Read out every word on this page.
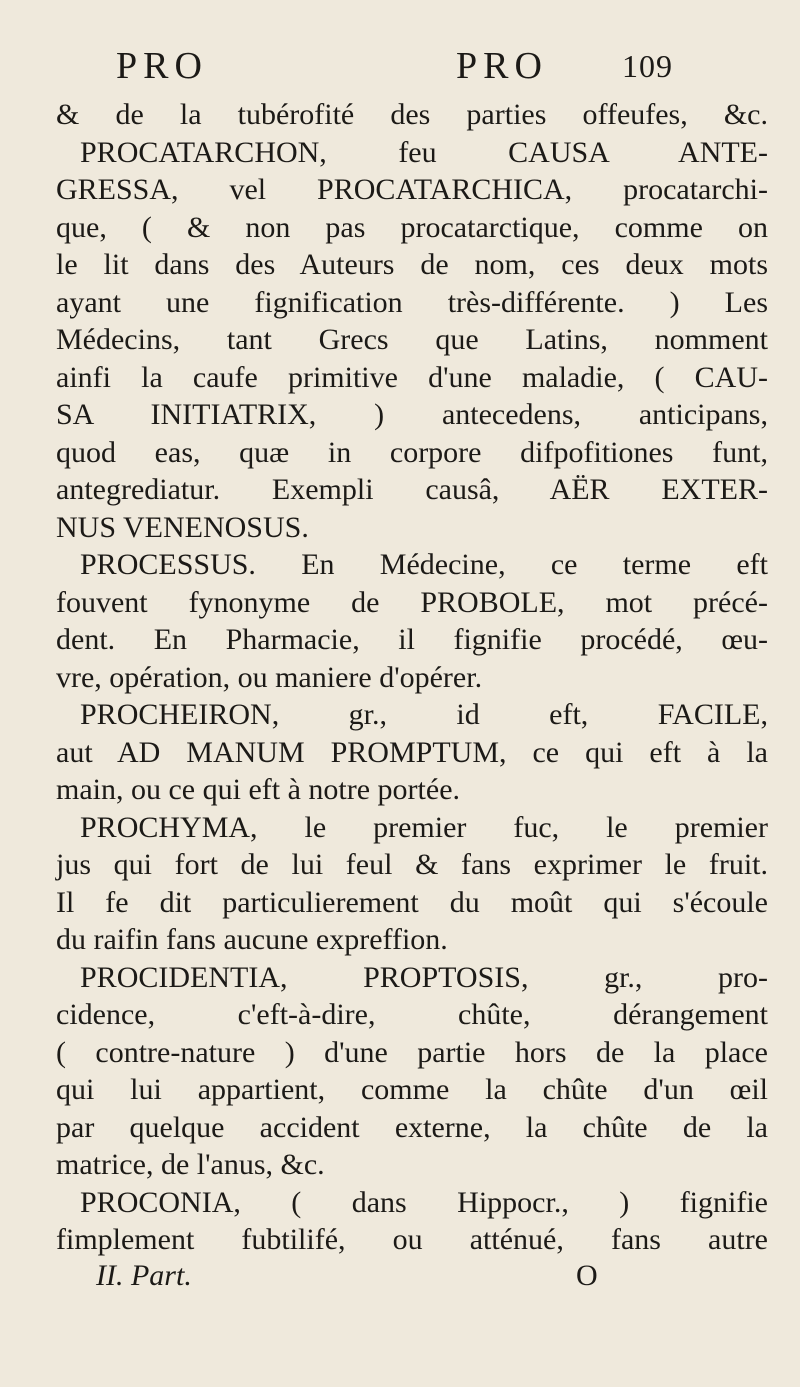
PRO	PRO 109
& de la tubérofité des parties offeufes, &c.
PROCATARCHON, feu CAUSA ANTE-
GRESSA, vel PROCATARCHICA, procatarchi-
que, ( & non pas procatarctique, comme on
le lit dans des Auteurs de nom, ces deux mots
ayant une fignification très-différente. ) Les
Médecins, tant Grecs que Latins, nomment
ainfi la caufe primitive d'une maladie, ( CAU-
SA INITIATRIX, ) antecedens, anticipans,
quod eas, quæ in corpore difpofitiones funt,
antegrediatur. Exempli causâ, AËR EXTER-
NUS VENENOSUS.
PROCESSUS. En Médecine, ce terme eft
fouvent fynonyme de PROBOLE, mot précé-
dent. En Pharmacie, il fignifie procédé, œu-
vre, opération, ou maniere d'opérer.
PROCHEIRON, gr., id eft, FACILE,
aut AD MANUM PROMPTUM, ce qui eft à la
main, ou ce qui eft à notre portée.
PROCHYMA, le premier fuc, le premier
jus qui fort de lui feul & fans exprimer le fruit.
Il fe dit particulierement du moût qui s'écoule
du raifin fans aucune expreffion.
PROCIDENTIA, PROPTOSIS, gr., pro-
cidence, c'eft-à-dire, chûte, dérangement
( contre-nature ) d'une partie hors de la place
qui lui appartient, comme la chûte d'un œil
par quelque accident externe, la chûte de la
matrice, de l'anus, &c.
PROCONIA, ( dans Hippocr., ) fignifie
fimplement fubtilifé, ou atténué, fans autre
II. Part.	O
